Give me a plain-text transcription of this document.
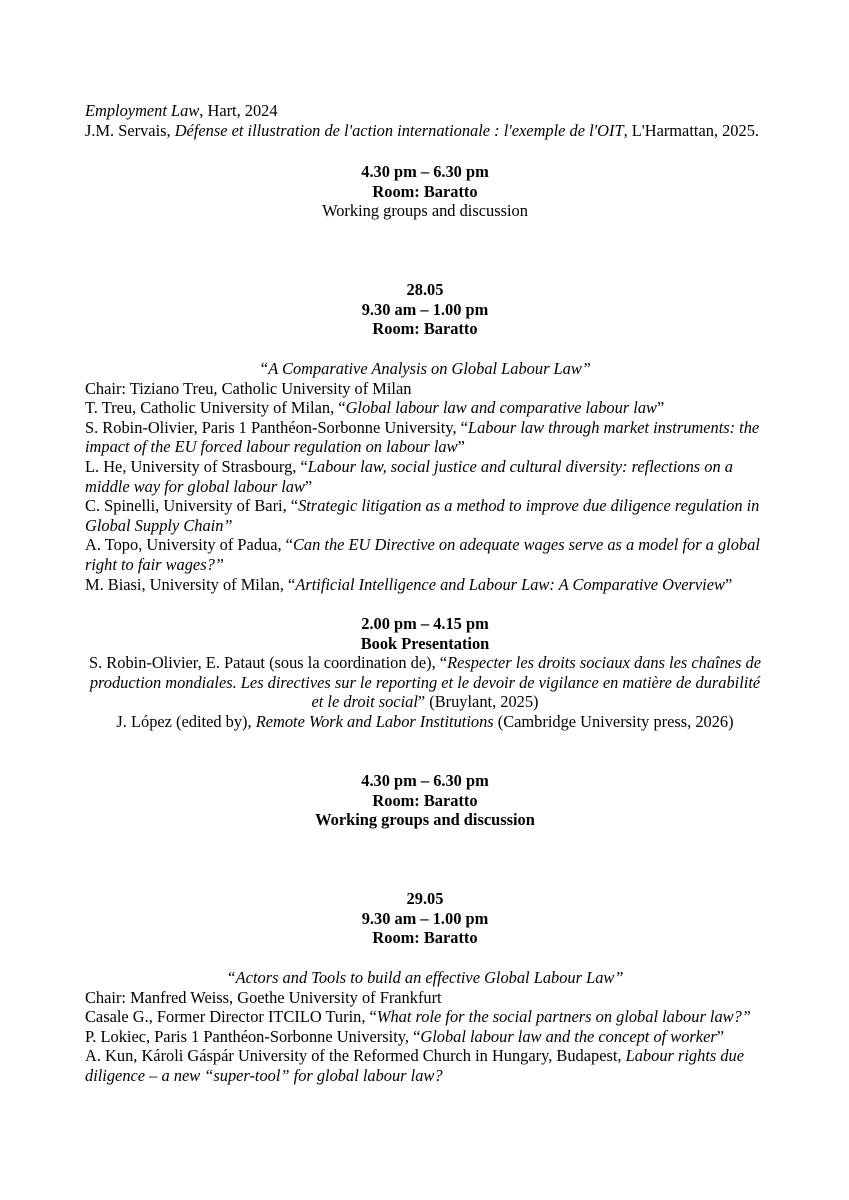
Employment Law, Hart, 2024

J.M. Servais, Défense et illustration de l'action internationale : l'exemple de l'OIT, L'Harmattan, 2025.

4.30 pm – 6.30 pm

Room: Baratto

Working groups and discussion

28.05

9.30 am – 1.00 pm

Room: Baratto

“A Comparative Analysis on Global Labour Law”

Chair: Tiziano Treu, Catholic University of Milan

T. Treu, Catholic University of Milan, “Global labour law and comparative labour law”

S. Robin-Olivier, Paris 1 Panthéon-Sorbonne University, “Labour law through market instruments: the impact of the EU forced labour regulation on labour law”

L. He, University of Strasbourg, “Labour law, social justice and cultural diversity: reflections on a middle way for global labour law”

C. Spinelli, University of Bari, “Strategic litigation as a method to improve due diligence regulation in Global Supply Chain”

A. Topo, University of Padua, “Can the EU Directive on adequate wages serve as a model for a global right to fair wages?”

M. Biasi, University of Milan, “Artificial Intelligence and Labour Law: A Comparative Overview”

2.00 pm – 4.15 pm

Book Presentation

S. Robin-Olivier, E. Pataut (sous la coordination de), “Respecter les droits sociaux dans les chaînes de production mondiales. Les directives sur le reporting et le devoir de vigilance en matière de durabilité et le droit social” (Bruylant, 2025)

J. López (edited by), Remote Work and Labor Institutions (Cambridge University press, 2026)

4.30 pm – 6.30 pm

Room: Baratto

Working groups and discussion

29.05

9.30 am – 1.00 pm

Room: Baratto

“Actors and Tools to build an effective Global Labour Law”

Chair: Manfred Weiss, Goethe University of Frankfurt

Casale G., Former Director ITCILO Turin, “What role for the social partners on global labour law?”

P. Lokiec, Paris 1 Panthéon-Sorbonne University, “Global labour law and the concept of worker”

A. Kun, Károli Gáspár University of the Reformed Church in Hungary, Budapest, Labour rights due diligence – a new “super-tool” for global labour law?
